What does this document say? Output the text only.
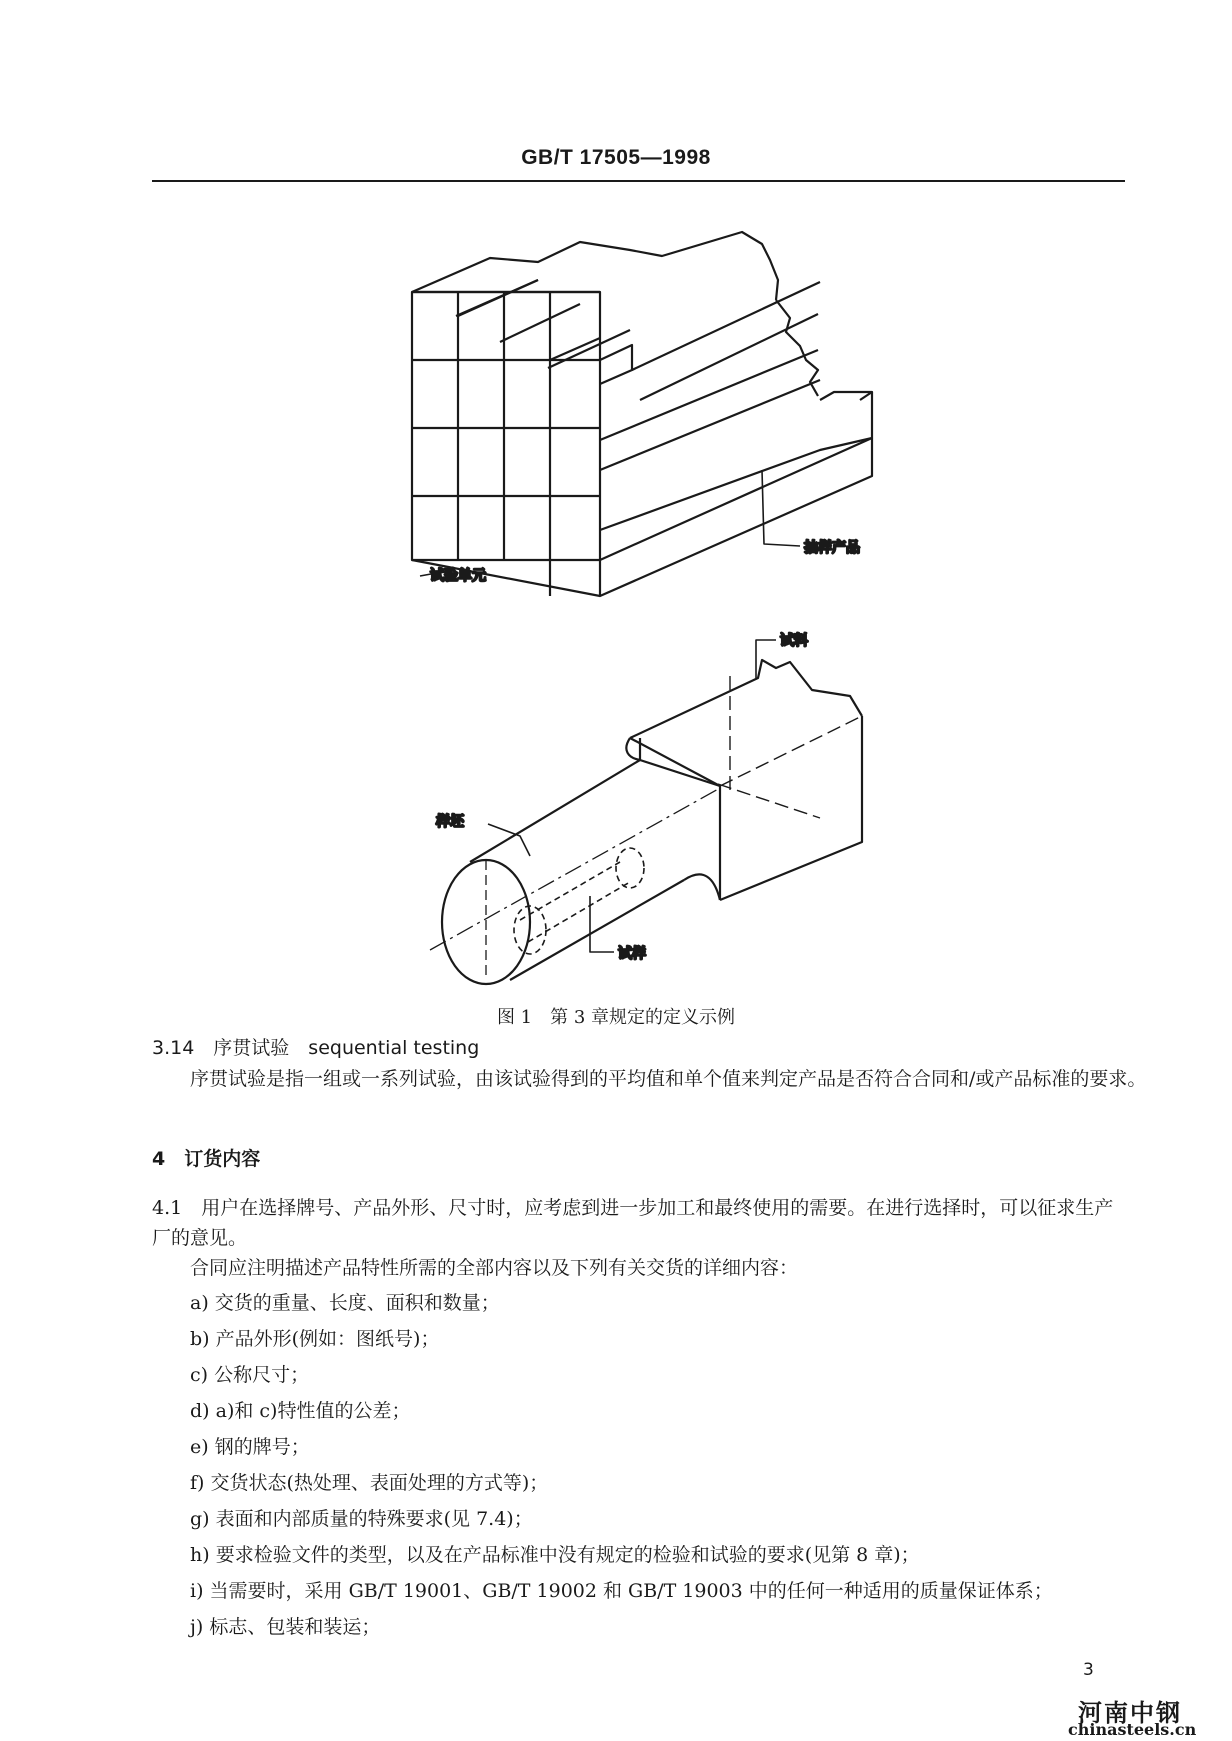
GB/T 17505—1998
抽样产品
试验单元
试料
样坯
试样
图 1　第 3 章规定的定义示例
3.14　序贯试验　sequential testing
序贯试验是指一组或一系列试验，由该试验得到的平均值和单个值来判定产品是否符合合同和/或产品标准的要求。
4　订货内容
4.1　用户在选择牌号、产品外形、尺寸时，应考虑到进一步加工和最终使用的需要。在进行选择时，可以征求生产厂的意见。
合同应注明描述产品特性所需的全部内容以及下列有关交货的详细内容：
a) 交货的重量、长度、面积和数量；
b) 产品外形(例如：图纸号)；
c) 公称尺寸；
d) a)和 c)特性值的公差；
e) 钢的牌号；
f) 交货状态(热处理、表面处理的方式等)；
g) 表面和内部质量的特殊要求(见 7.4)；
h) 要求检验文件的类型，以及在产品标准中没有规定的检验和试验的要求(见第 8 章)；
i) 当需要时，采用 GB/T 19001、GB/T 19002 和 GB/T 19003 中的任何一种适用的质量保证体系；
j) 标志、包装和装运；
3
河南中钢
chinasteels.cn
